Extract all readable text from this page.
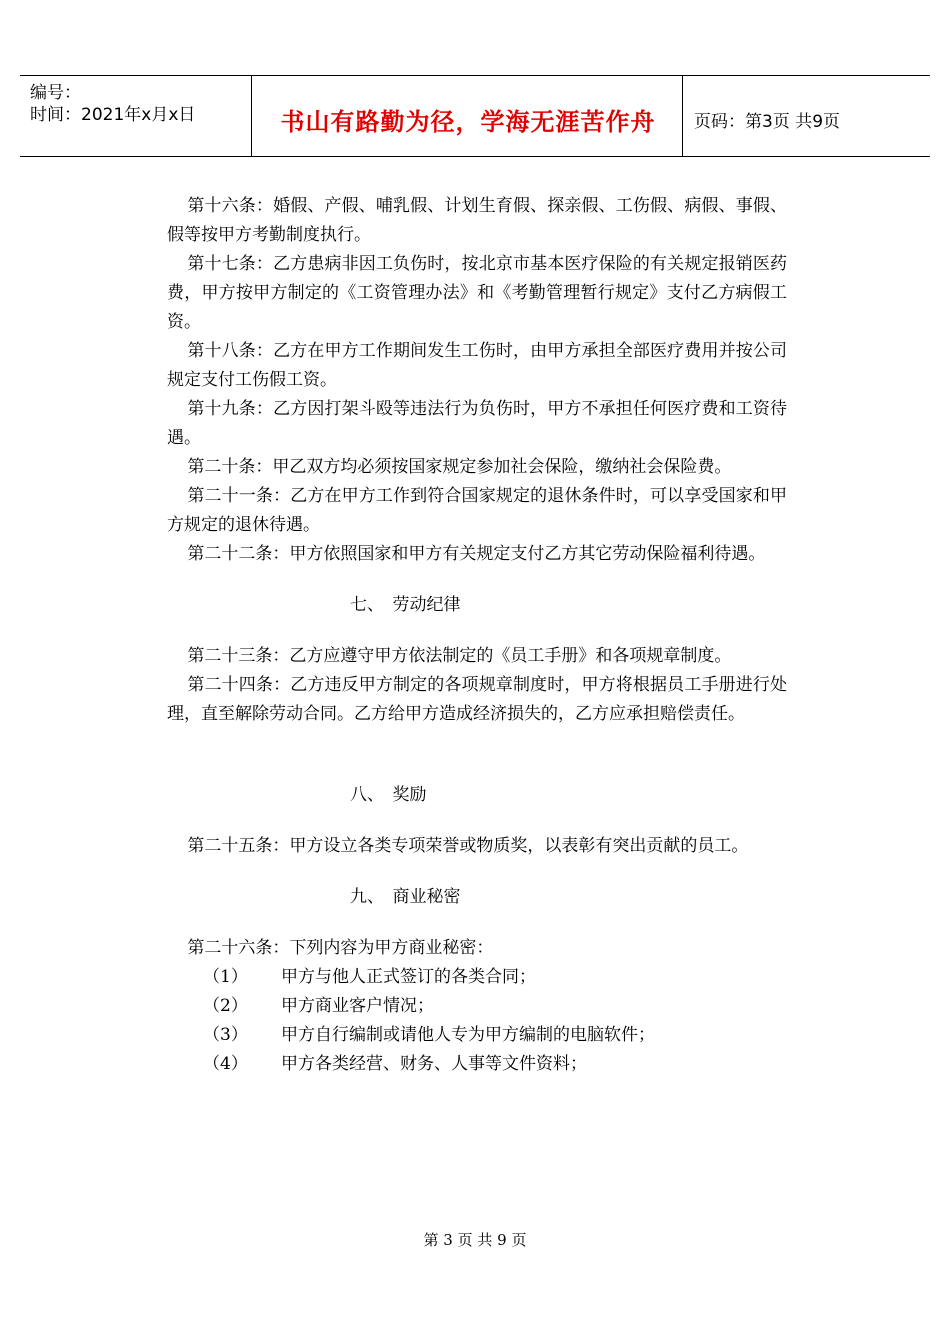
编号：
时间：2021年x月x日	书山有路勤为径，学海无涯苦作舟	页码：第3页 共9页

第十六条：婚假、产假、哺乳假、计划生育假、探亲假、工伤假、病假、事假、假等按甲方考勤制度执行。

第十七条：乙方患病非因工负伤时，按北京市基本医疗保险的有关规定报销医药费，甲方按甲方制定的《工资管理办法》和《考勤管理暂行规定》支付乙方病假工资。

第十八条：乙方在甲方工作期间发生工伤时，由甲方承担全部医疗费用并按公司规定支付工伤假工资。

第十九条：乙方因打架斗殴等违法行为负伤时，甲方不承担任何医疗费和工资待遇。

第二十条：甲乙双方均必须按国家规定参加社会保险，缴纳社会保险费。

第二十一条：乙方在甲方工作到符合国家规定的退休条件时，可以享受国家和甲方规定的退休待遇。

第二十二条：甲方依照国家和甲方有关规定支付乙方其它劳动保险福利待遇。

七、　劳动纪律

第二十三条：乙方应遵守甲方依法制定的《员工手册》和各项规章制度。

第二十四条：乙方违反甲方制定的各项规章制度时，甲方将根据员工手册进行处理，直至解除劳动合同。乙方给甲方造成经济损失的，乙方应承担赔偿责任。

八、　奖励

第二十五条：甲方设立各类专项荣誉或物质奖，以表彰有突出贡献的员工。

九、　商业秘密

第二十六条：下列内容为甲方商业秘密：

（1）	甲方与他人正式签订的各类合同；
（2）	甲方商业客户情况；
（3）	甲方自行编制或请他人专为甲方编制的电脑软件；
（4）	甲方各类经营、财务、人事等文件资料；
第 3 页 共 9 页
